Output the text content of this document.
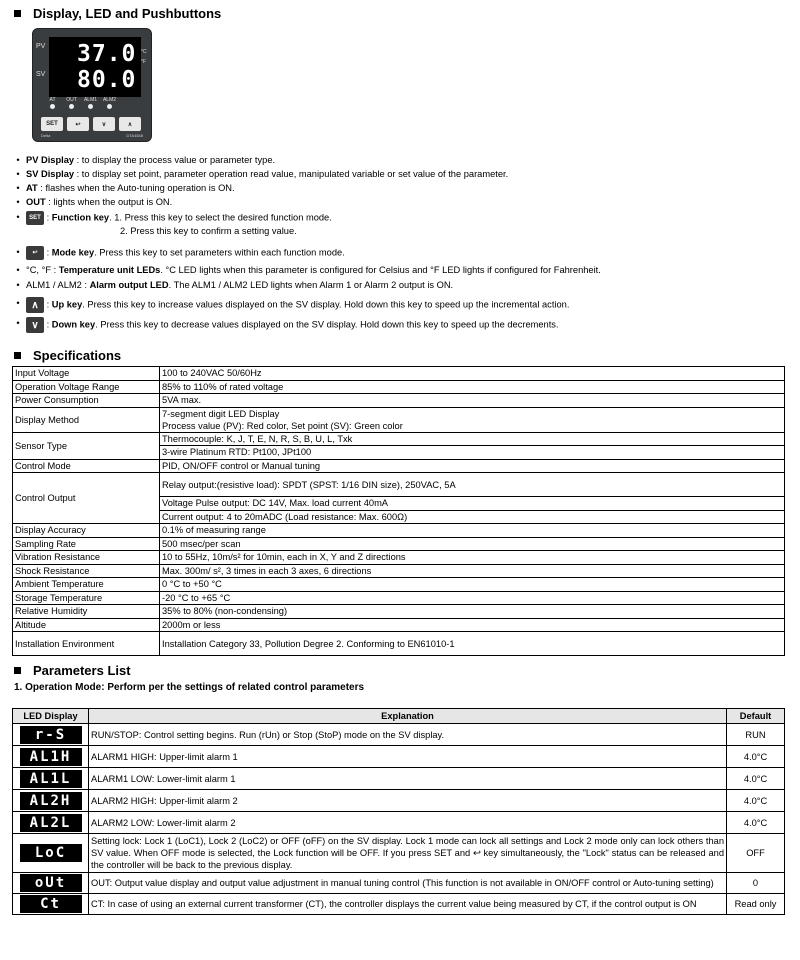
Display, LED and Pushbuttons
PV
SV
37.0
80.0
°C
°F
AT OUT ALM1 ALM2
SET	↩	∨	∧
Delta	DTA4848
• PV Display : to display the process value or parameter type.
• SV Display : to display set point, parameter operation read value, manipulated variable or set value of the parameter.
• AT : flashes when the Auto-tuning operation is ON.
• OUT : lights when the output is ON.
•	SET : Function key. 1. Press this key to select the desired function mode.
2. Press this key to confirm a setting value.
•	↩ : Mode key. Press this key to set parameters within each function mode.
• °C, °F : Temperature unit LEDs. °C LED lights when this parameter is configured for Celsius and °F LED lights if configured for Fahrenheit.
• ALM1 / ALM2 : Alarm output LED. The ALM1 / ALM2 LED lights when Alarm 1 or Alarm 2 output is ON.
•	∧ : Up key. Press this key to increase values displayed on the SV display. Hold down this key to speed up the incremental action.
•	∨ : Down key. Press this key to decrease values displayed on the SV display. Hold down this key to speed up the decrements.
Specifications
Input Voltage	100 to 240VAC 50/60Hz
Operation Voltage Range	85% to 110% of rated voltage
Power Consumption	5VA max.
Display Method	7-segment digit LED Display
Process value (PV): Red color, Set point (SV): Green color
Sensor Type	Thermocouple: K, J, T, E, N, R, S, B, U, L, Txk
	3-wire Platinum RTD: Pt100, JPt100
Control Mode	PID, ON/OFF control or Manual tuning
Control Output	Relay output:(resistive load): SPDT (SPST: 1/16 DIN size), 250VAC, 5A
	Voltage Pulse output: DC 14V, Max. load current 40mA
	Current output: 4 to 20mADC (Load resistance: Max. 600Ω)
Display Accuracy	0.1% of measuring range
Sampling Rate	500 msec/per scan
Vibration Resistance	10 to 55Hz, 10m/s² for 10min, each in X, Y and Z directions
Shock Resistance	Max. 300m/ s², 3 times in each 3 axes, 6 directions
Ambient Temperature	0 °C to +50 °C
Storage Temperature	-20 °C to +65 °C
Relative Humidity	35% to 80% (non-condensing)
Altitude	2000m or less
Installation Environment	Installation Category 33, Pollution Degree 2. Conforming to EN61010-1
Parameters List
1. Operation Mode: Perform per the settings of related control parameters
LED Display	Explanation	Default
r-S	RUN/STOP: Control setting begins. Run (rUn) or Stop (StoP) mode on the SV display.	RUN
AL1H	ALARM1 HIGH: Upper-limit alarm 1	4.0°C
AL1L	ALARM1 LOW: Lower-limit alarm 1	4.0°C
AL2H	ALARM2 HIGH: Upper-limit alarm 2	4.0°C
AL2L	ALARM2 LOW: Lower-limit alarm 2	4.0°C
LoC	Setting lock: Lock 1 (LoC1), Lock 2 (LoC2) or OFF (oFF) on the SV display. Lock 1 mode can lock all settings and Lock 2 mode only can lock others than SV value. When OFF mode is selected, the Lock function will be OFF. If you press SET and ↩ key simultaneously, the "Lock" status can be released and the controller will be back to the previous display.	OFF
oUt	OUT: Output value display and output value adjustment in manual tuning control (This function is not available in ON/OFF control or Auto-tuning setting)	0
Ct	CT: In case of using an external current transformer (CT), the controller displays the current value being measured by CT, if the control output is ON	Read only
